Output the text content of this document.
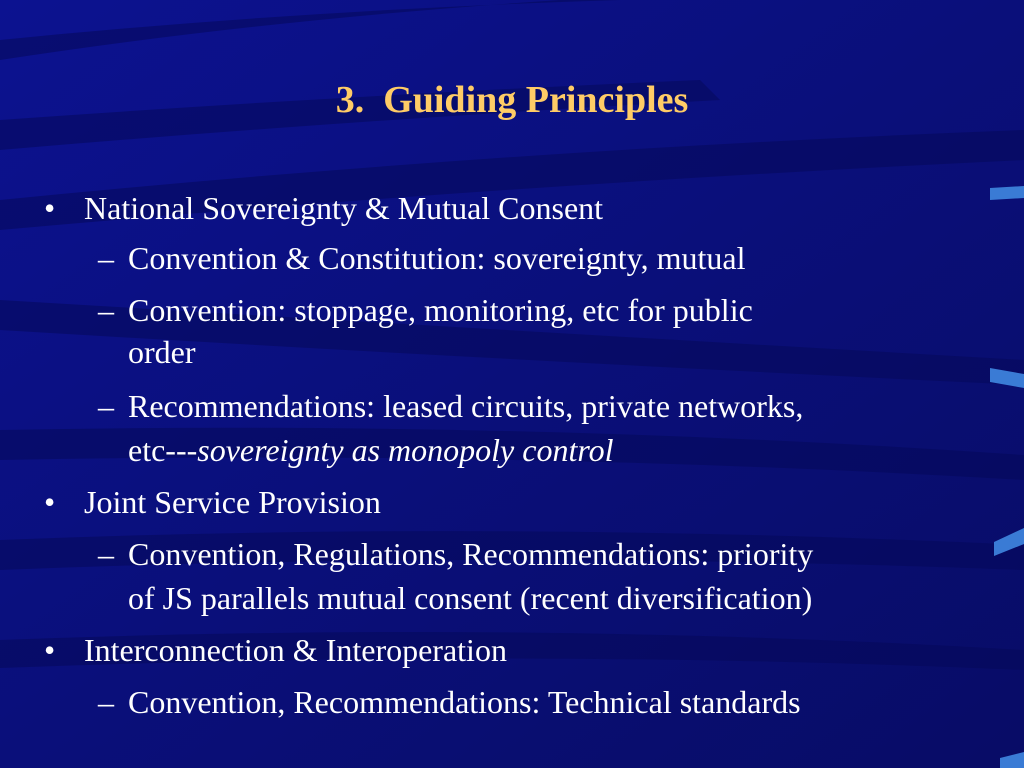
3.  Guiding Principles
• National Sovereignty & Mutual Consent
– Convention & Constitution: sovereignty, mutual
– Convention: stoppage, monitoring, etc for public
order
– Recommendations: leased circuits, private networks,
etc---sovereignty as monopoly control
• Joint Service Provision
– Convention, Regulations, Recommendations: priority
of JS parallels mutual consent (recent diversification)
• Interconnection & Interoperation
– Convention, Recommendations: Technical standards
